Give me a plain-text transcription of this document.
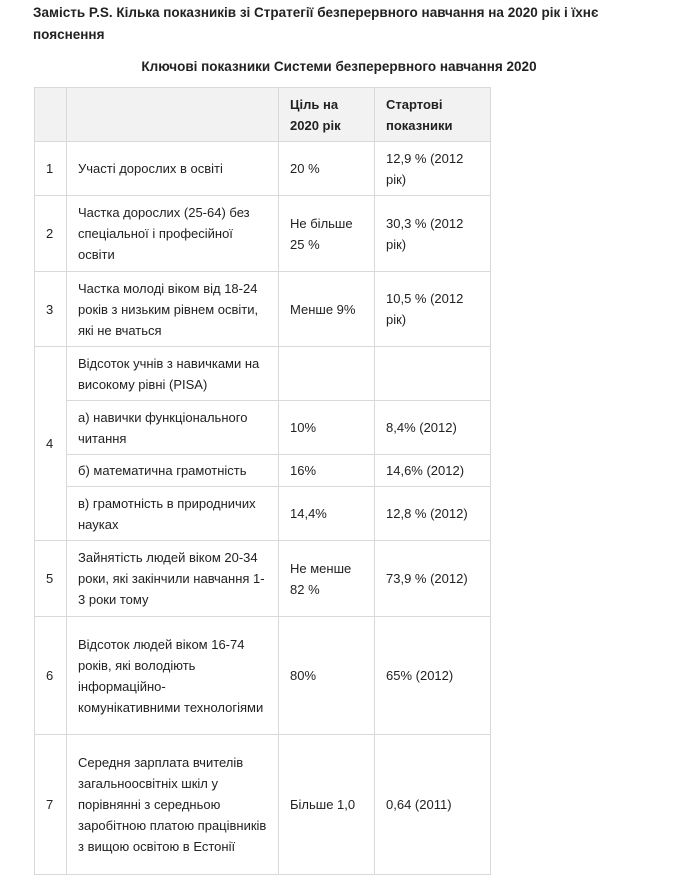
Замість P.S. Кілька показників зі Стратегії безперервного навчання на 2020 рік і їхнє
пояснення
Ключові показники Системи безперервного навчання 2020
		Ціль на 2020 рік	Стартові показники
1	Участі дорослих в освіті	20 %	12,9 % (2012 рік)
2	Частка дорослих (25-64) без спеціальної і професійної освіти	Не більше 25 %	30,3 % (2012 рік)
3	Частка молоді віком від 18-24 років з низьким рівнем освіти, які не вчаться	Менше 9%	10,5 % (2012 рік)
4	Відсоток учнів з навичками на високому рівні (PISA)		
	а) навички функціонального читання	10%	8,4% (2012)
	б) математична грамотність	16%	14,6% (2012)
	в) грамотність в природничих науках	14,4%	12,8 % (2012)
5	Зайнятість людей віком 20-34 роки, які закінчили навчання 1-3 роки тому	Не менше 82 %	73,9 % (2012)
6	Відсоток людей віком 16-74 років, які володіють інформаційно-комунікативними технологіями	80%	65% (2012)
7	Середня зарплата вчителів загальноосвітніх шкіл у порівнянні з середньою заробітною платою працівників з вищою освітою в Естонії	Більше 1,0	0,64 (2011)
